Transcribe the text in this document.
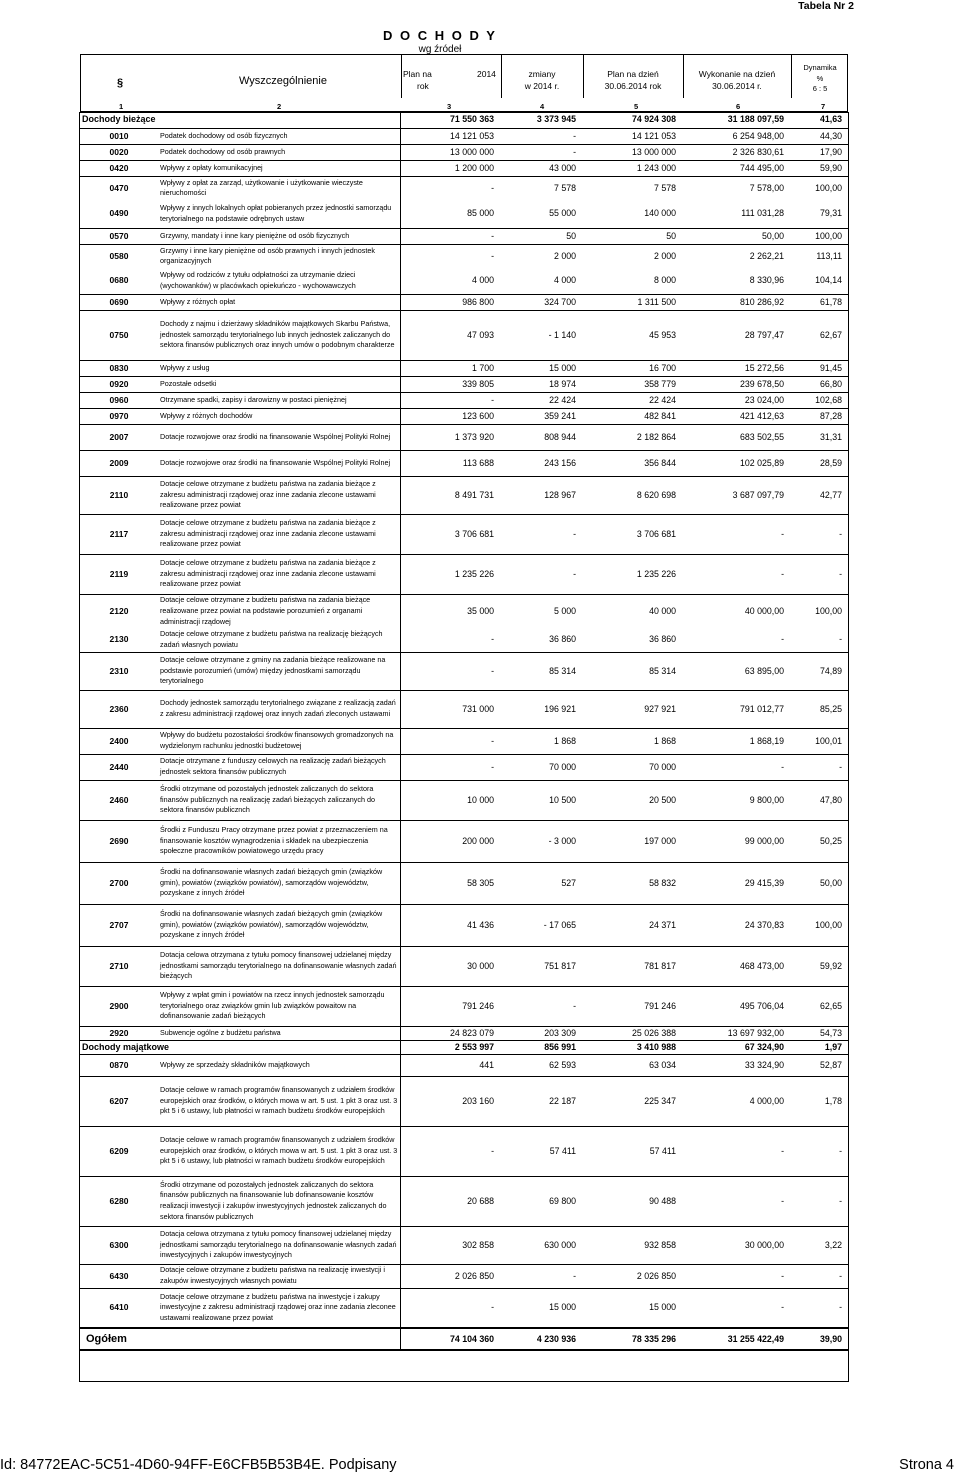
Tabela Nr 2
D O C H O D Y
wg źródeł
§	Wyszczególnienie
Plan na	2014
rok
zmiany
w 2014 r.
Plan na dzień
30.06.2014 rok
Wykonanie na dzień
30.06.2014 r.
Dynamika
%
6 : 5
1	2	3	4	5	6	7
Dochody bieżące		71 550 363	3 373 945	74 924 308	31 188 097,59	41,63
0010	Podatek dochodowy od osób fizycznych	14 121 053	-	14 121 053	6 254 948,00	44,30
0020	Podatek dochodowy od osób prawnych	13 000 000	-	13 000 000	2 326 830,61	17,90
0420	Wpływy z opłaty komunikacyjnej	1 200 000	43 000	1 243 000	744 495,00	59,90
0470	Wpływy z opłat za zarząd, użytkowanie i użytkowanie wieczyste nieruchomości	-	7 578	7 578	7 578,00	100,00
0490	Wpływy z innych lokalnych opłat pobieranych przez jednostki samorządu terytorialnego na podstawie odrębnych ustaw	85 000	55 000	140 000	111 031,28	79,31
0570	Grzywny, mandaty i inne kary pieniężne od osób fizycznych	-	50	50	50,00	100,00
0580	Grzywny i inne kary pieniężne od osób prawnych i innych jednostek organizacyjnych	-	2 000	2 000	2 262,21	113,11
0680	Wpływy od rodziców z tytułu odpłatności za utrzymanie dzieci (wychowanków) w placówkach opiekuńczo - wychowawczych	4 000	4 000	8 000	8 330,96	104,14
0690	Wpływy z różnych opłat	986 800	324 700	1 311 500	810 286,92	61,78
0750	Dochody z najmu i dzierżawy składników majątkowych Skarbu Państwa, jednostek samorządu terytorialnego lub innych jednostek zaliczanych do sektora finansów publicznych oraz innych umów o podobnym charakterze	47 093	- 1 140	45 953	28 797,47	62,67
0830	Wpływy z usług	1 700	15 000	16 700	15 272,56	91,45
0920	Pozostałe odsetki	339 805	18 974	358 779	239 678,50	66,80
0960	Otrzymane spadki, zapisy i darowizny w postaci pieniężnej	-	22 424	22 424	23 024,00	102,68
0970	Wpływy z różnych dochodów	123 600	359 241	482 841	421 412,63	87,28
2007	Dotacje rozwojowe oraz środki na finansowanie Wspólnej Polityki Rolnej	1 373 920	808 944	2 182 864	683 502,55	31,31
2009	Dotacje rozwojowe oraz środki na finansowanie Wspólnej Polityki Rolnej	113 688	243 156	356 844	102 025,89	28,59
2110	Dotacje celowe otrzymane z budżetu państwa na zadania bieżące z zakresu administracji rządowej oraz inne zadania zlecone ustawami realizowane przez powiat	8 491 731	128 967	8 620 698	3 687 097,79	42,77
2117	Dotacje celowe otrzymane z budżetu państwa na zadania bieżące z zakresu administracji rządowej oraz inne zadania zlecone ustawami realizowane przez powiat	3 706 681	-	3 706 681	-	-
2119	Dotacje celowe otrzymane z budżetu państwa na zadania bieżące z zakresu administracji rządowej oraz inne zadania zlecone ustawami realizowane przez powiat	1 235 226	-	1 235 226	-	-
2120	Dotacje celowe otrzymane z budżetu państwa na zadania bieżące realizowane przez powiat na podstawie porozumień z organami administracji rządowej	35 000	5 000	40 000	40 000,00	100,00
2130	Dotacje celowe otrzymane z budżetu państwa na realizację bieżących zadań własnych powiatu	-	36 860	36 860	-	-
2310	Dotacje celowe otrzymane z gminy na zadania bieżące realizowane na podstawie porozumień (umów) między jednostkami samorządu terytorialnego	-	85 314	85 314	63 895,00	74,89
2360	Dochody jednostek samorządu terytorialnego związane z realizacją zadań z zakresu administracji rządowej oraz innych zadań zleconych ustawami	731 000	196 921	927 921	791 012,77	85,25
2400	Wpływy do budżetu pozostałości środków finansowych gromadzonych na wydzielonym rachunku jednostki budżetowej	-	1 868	1 868	1 868,19	100,01
2440	Dotacje otrzymane z funduszy celowych na realizację zadań bieżących jednostek sektora finansów publicznych	-	70 000	70 000	-	-
2460	Środki otrzymane od pozostałych jednostek zaliczanych do sektora finansów publicznych na realizację zadań bieżących zaliczanych do sektora finansów publicznch	10 000	10 500	20 500	9 800,00	47,80
2690	Środki z Funduszu Pracy otrzymane przez powiat z przeznaczeniem na finansowanie kosztów wynagrodzenia i składek na ubezpieczenia społeczne pracowników powiatowego urzędu pracy	200 000	- 3 000	197 000	99 000,00	50,25
2700	Środki na dofinansowanie własnych zadań bieżących gmin (związków gmin), powiatów (związków powiatów), samorządów województw, pozyskane z innych źródeł	58 305	527	58 832	29 415,39	50,00
2707	Środki na dofinansowanie własnych zadań bieżących gmin (związków gmin), powiatów (związków powiatów), samorządów województw, pozyskane z innych źródeł	41 436	- 17 065	24 371	24 370,83	100,00
2710	Dotacja celowa otrzymana z tytułu pomocy finansowej udzielanej między jednostkami samorządu terytorialnego na dofinansowanie własnych zadań bieżących	30 000	751 817	781 817	468 473,00	59,92
2900	Wpływy z wpłat gmin i powiatów na rzecz innych jednostek samorządu terytorialnego oraz związków gmin lub związków powaitow na dofinansowanie zadań bieżących	791 246	-	791 246	495 706,04	62,65
2920	Subwencje ogólne z budżetu państwa	24 823 079	203 309	25 026 388	13 697 932,00	54,73
Dochody majątkowe		2 553 997	856 991	3 410 988	67 324,90	1,97
0870	Wpływy ze sprzedaży składników majątkowych	441	62 593	63 034	33 324,90	52,87
6207	Dotacje celowe w ramach programów finansowanych z udziałem środków europejskich oraz środków, o których mowa w art. 5 ust. 1 pkt 3 oraz ust. 3 pkt 5 i 6 ustawy, lub płatności w ramach budżetu środków europejskich	203 160	22 187	225 347	4 000,00	1,78
6209	Dotacje celowe w ramach programów finansowanych z udziałem środków europejskich oraz środków, o których mowa w art. 5 ust. 1 pkt 3 oraz ust. 3 pkt 5 i 6 ustawy, lub płatności w ramach budżetu środków europejskich	-	57 411	57 411	-	-
6280	Środki otrzymane od pozostałych jednostek zaliczanych do sektora finansów publicznych na finansowanie lub dofinansowanie kosztów realizacji inwestycji i zakupów inwestycyjnych jednostek zaliczanych do sektora finansów publicznych	20 688	69 800	90 488	-	-
6300	Dotacja celowa otrzymana z tytułu pomocy finansowej udzielanej między jednostkami samorządu terytorialnego na dofinansowanie własnych zadań inwestycyjnych i zakupów inwestycyjnych	302 858	630 000	932 858	30 000,00	3,22
6430	Dotacje celowe otrzymane z budżetu państwa na realizację inwestycji i zakupów inwestycyjnych własnych powiatu	2 026 850	-	2 026 850	-	-
6410	Dotacje celowe otrzymane z budżetu państwa na inwestycje i zakupy inwestycyjne z zakresu administracji rządowej oraz inne zadania zleconee ustawami realizowane przez powiat	-	15 000	15 000	-	-
Ogółem		74 104 360	4 230 936	78 335 296	31 255 422,49	39,90
Id: 84772EAC-5C51-4D60-94FF-E6CFB5B53B4E. Podpisany	Strona 4
